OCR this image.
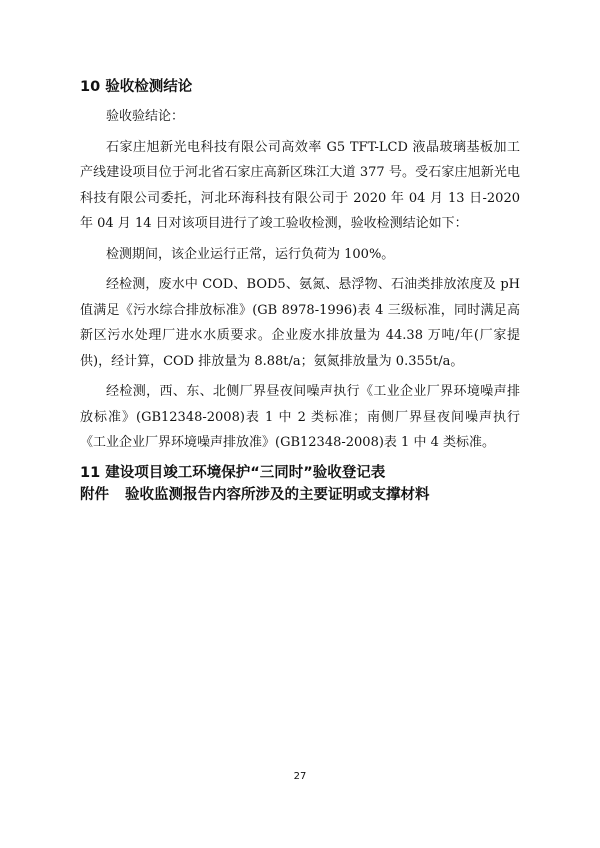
10 验收检测结论

验收验结论：

石家庄旭新光电科技有限公司高效率 G5 TFT-LCD 液晶玻璃基板加工产线建设项目位于河北省石家庄高新区珠江大道 377 号。受石家庄旭新光电科技有限公司委托，河北环海科技有限公司于 2020 年 04 月 13 日-2020 年 04 月 14 日对该项目进行了竣工验收检测，验收检测结论如下：

检测期间，该企业运行正常，运行负荷为 100%。

经检测，废水中 COD、BOD5、氨氮、悬浮物、石油类排放浓度及 pH 值满足《污水综合排放标准》(GB 8978-1996)表 4 三级标准，同时满足高新区污水处理厂进水水质要求。企业废水排放量为 44.38 万吨/年(厂家提供)，经计算，COD 排放量为 8.88t/a；氨氮排放量为 0.355t/a。

经检测，西、东、北侧厂界昼夜间噪声执行《工业企业厂界环境噪声排放标准》(GB12348-2008)表 1 中 2 类标准；南侧厂界昼夜间噪声执行《工业企业厂界环境噪声排放准》(GB12348-2008)表 1 中 4 类标准。

11 建设项目竣工环境保护“三同时”验收登记表
附件 验收监测报告内容所涉及的主要证明或支撑材料
27
